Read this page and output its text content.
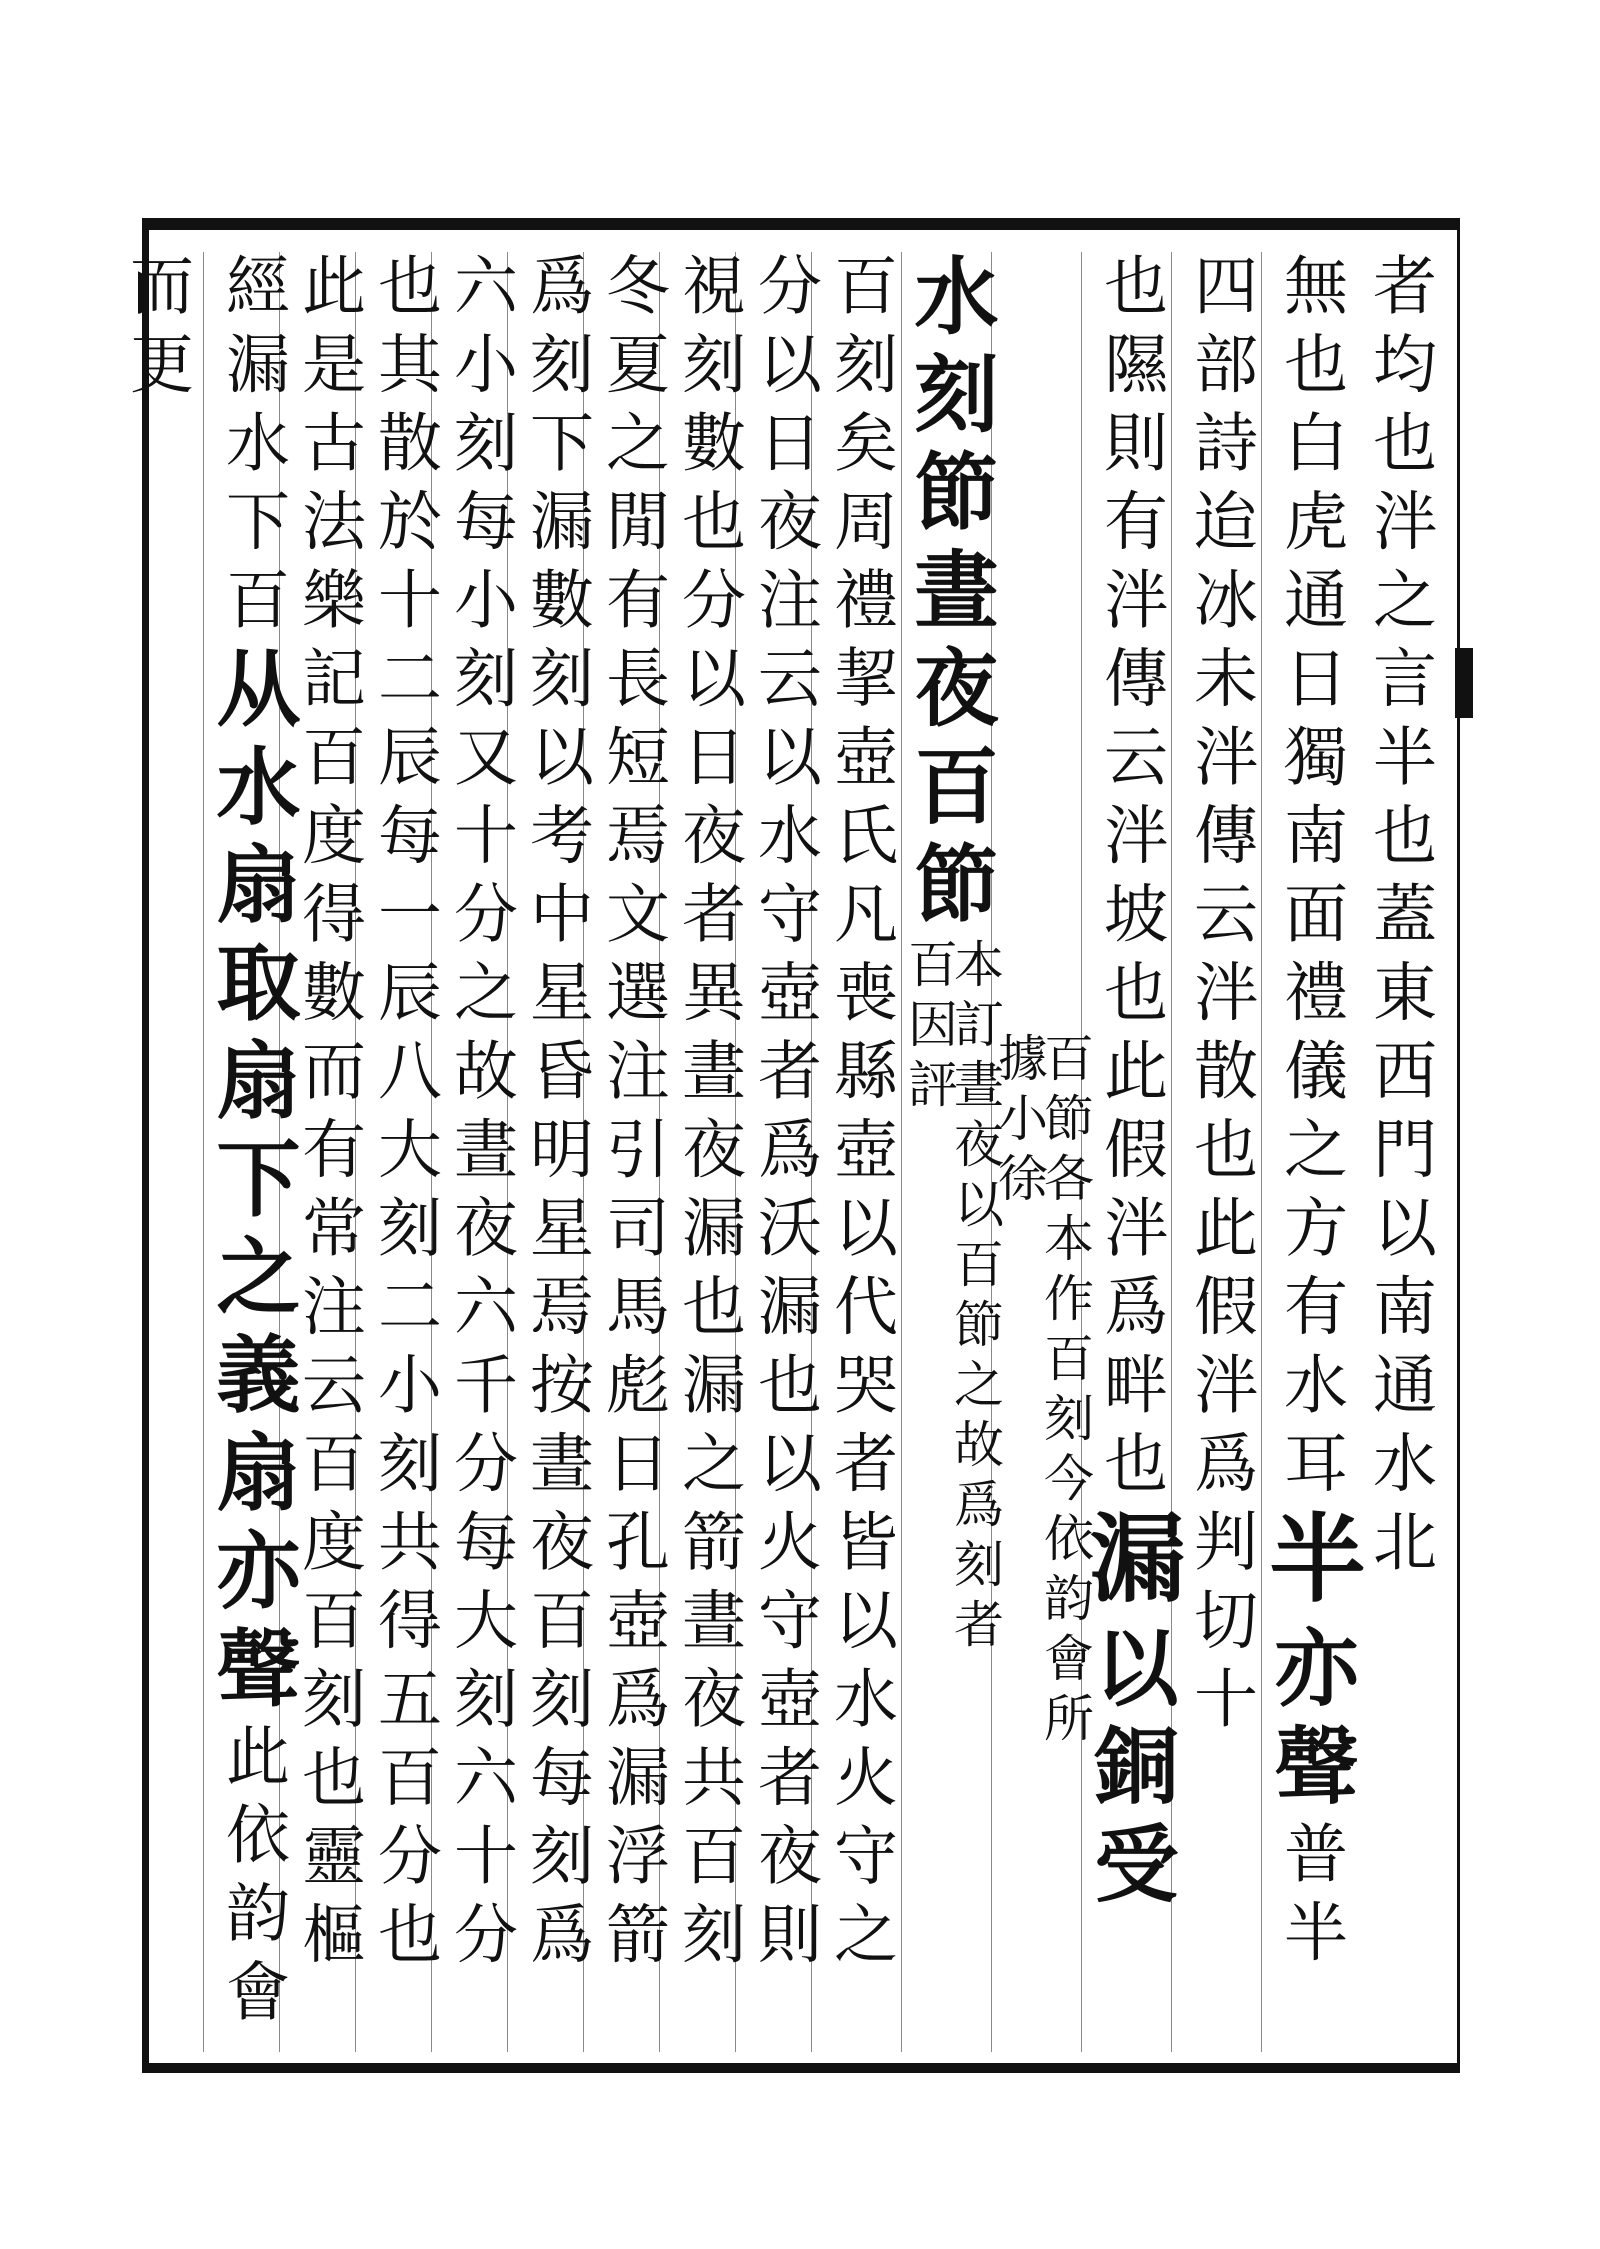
者均也泮之言半也蓋東西門以南通水北
無也白虎通日獨南面禮儀之方有水耳半亦聲普半
四部詩迨冰未泮傳云泮散也此假泮爲判切十
也隰則有泮傳云泮坡也此假泮爲畔也漏以銅受
百節各本作百刻今依韵會所據小徐
水刻節晝夜百節本訂晝夜以百節之故爲刻者百因評
百刻矣周禮挈壺氏凡喪縣壺以代哭者皆以水火守之
分以日夜注云以水守壺者爲沃漏也以火守壺者夜則
視刻數也分以日夜者異晝夜漏也漏之箭晝夜共百刻
冬夏之閒有長短焉文選注引司馬彪日孔壺爲漏浮箭
爲刻下漏數刻以考中星昏明星焉按晝夜百刻每刻爲
六小刻每小刻又十分之故晝夜六千分每大刻六十分
也其散於十二辰每一辰八大刻二小刻共得五百分也
此是古法樂記百度得數而有常注云百度百刻也靈樞
經漏水下百从水扇取扇下之義扇亦聲此依韵會而更
